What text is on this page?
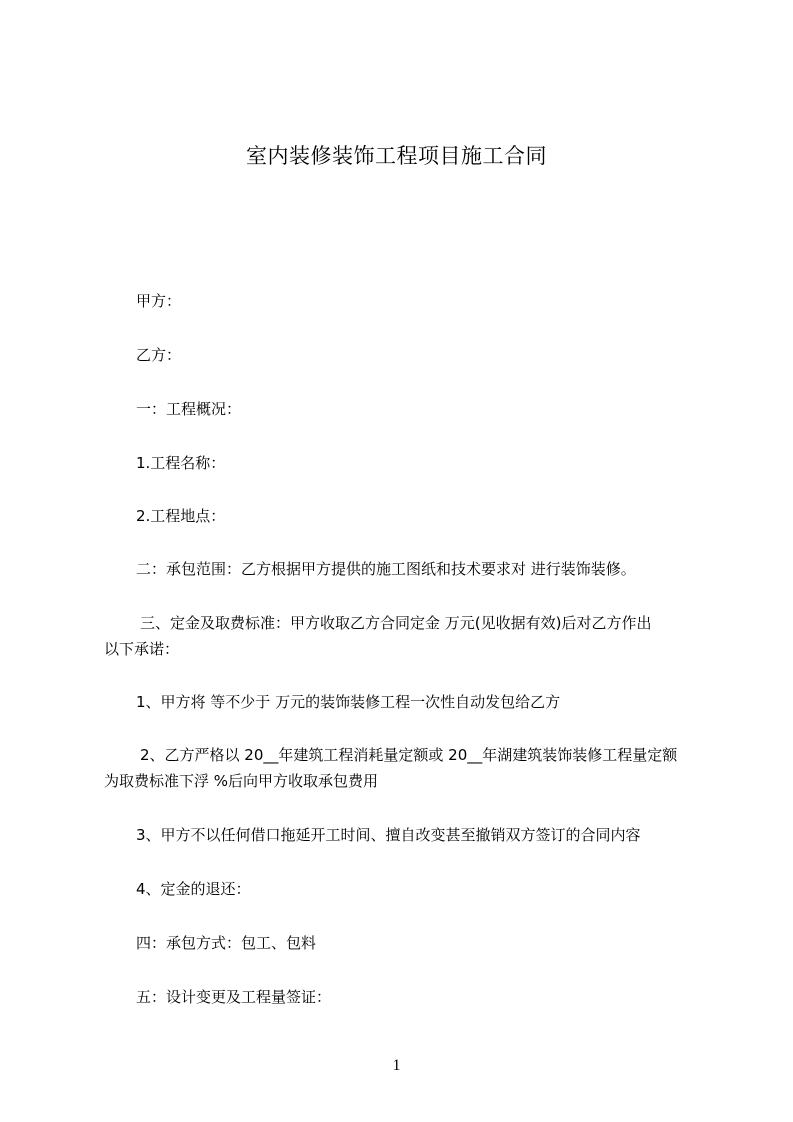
室内装修装饰工程项目施工合同
甲方：
乙方：
一：工程概况：
1.工程名称：
2.工程地点：
二：承包范围：乙方根据甲方提供的施工图纸和技术要求对 进行装饰装修。
三、定金及取费标准：甲方收取乙方合同定金 万元(见收据有效)后对乙方作出
以下承诺：
1、甲方将 等不少于 万元的装饰装修工程一次性自动发包给乙方
2、乙方严格以 20__年建筑工程消耗量定额或 20__年湖建筑装饰装修工程量定额
为取费标准下浮 %后向甲方收取承包费用
3、甲方不以任何借口拖延开工时间、擅自改变甚至撤销双方签订的合同内容
4、定金的退还：
四：承包方式：包工、包料
五：设计变更及工程量签证：
1
